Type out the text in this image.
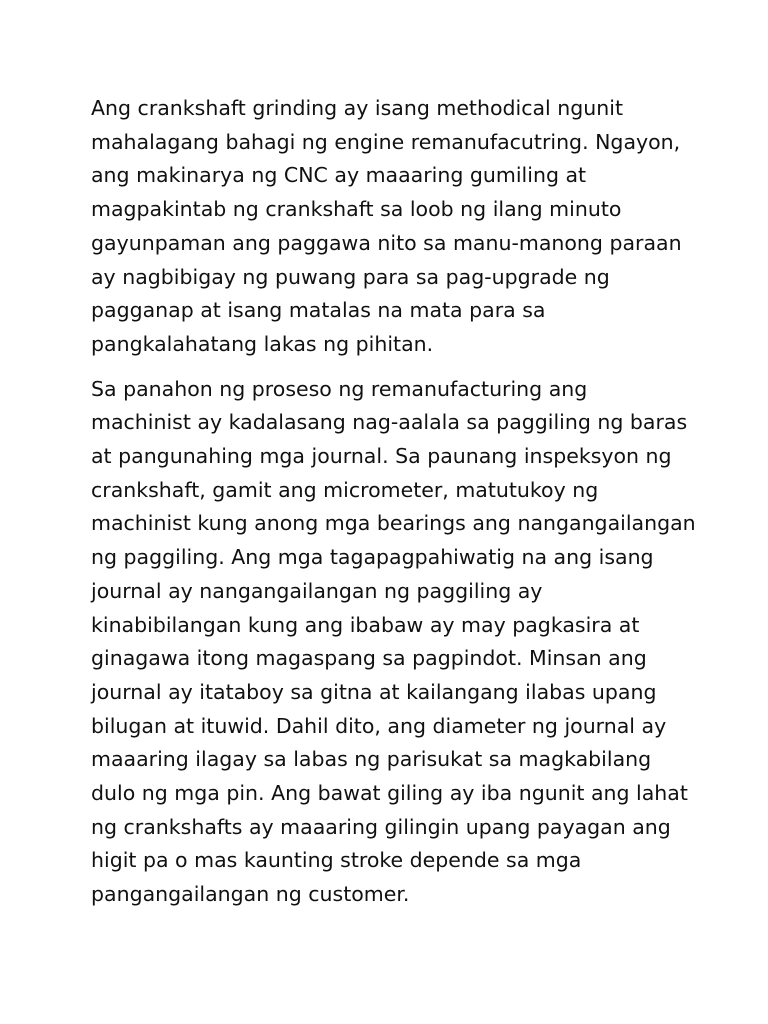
Ang crankshaft grinding ay isang methodical ngunit
mahalagang bahagi ng engine remanufacutring. Ngayon,
ang makinarya ng CNC ay maaaring gumiling at
magpakintab ng crankshaft sa loob ng ilang minuto
gayunpaman ang paggawa nito sa manu-manong paraan
ay nagbibigay ng puwang para sa pag-upgrade ng
pagganap at isang matalas na mata para sa
pangkalahatang lakas ng pihitan.

Sa panahon ng proseso ng remanufacturing ang
machinist ay kadalasang nag-aalala sa paggiling ng baras
at pangunahing mga journal. Sa paunang inspeksyon ng
crankshaft, gamit ang micrometer, matutukoy ng
machinist kung anong mga bearings ang nangangailangan
ng paggiling. Ang mga tagapagpahiwatig na ang isang
journal ay nangangailangan ng paggiling ay
kinabibilangan kung ang ibabaw ay may pagkasira at
ginagawa itong magaspang sa pagpindot. Minsan ang
journal ay itataboy sa gitna at kailangang ilabas upang
bilugan at ituwid. Dahil dito, ang diameter ng journal ay
maaaring ilagay sa labas ng parisukat sa magkabilang
dulo ng mga pin. Ang bawat giling ay iba ngunit ang lahat
ng crankshafts ay maaaring gilingin upang payagan ang
higit pa o mas kaunting stroke depende sa mga
pangangailangan ng customer.
